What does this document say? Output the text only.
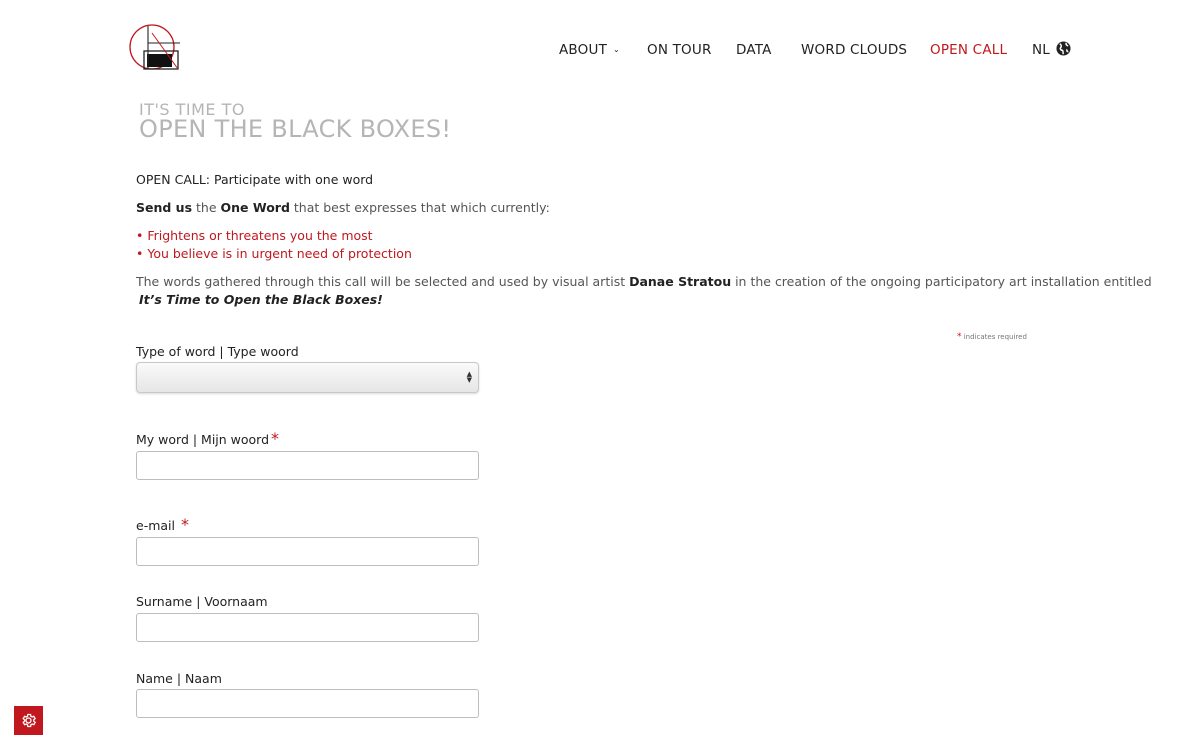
ABOUT ⌄ ON TOUR DATA WORD CLOUDS OPEN CALL NL
IT'S TIME TO
OPEN THE BLACK BOXES!
OPEN CALL: Participate with one word
Send us the One Word that best expresses that which currently:
• Frightens or threatens you the most
• You believe is in urgent need of protection
The words gathered through this call will be selected and used by visual artist Danae Stratou in the creation of the ongoing participatory art installation entitled
It’s Time to Open the Black Boxes!
* indicates required
Type of word | Type woord
▲
▼
My word | Mijn woord *
e-mail *
Surname | Voornaam
Name | Naam
